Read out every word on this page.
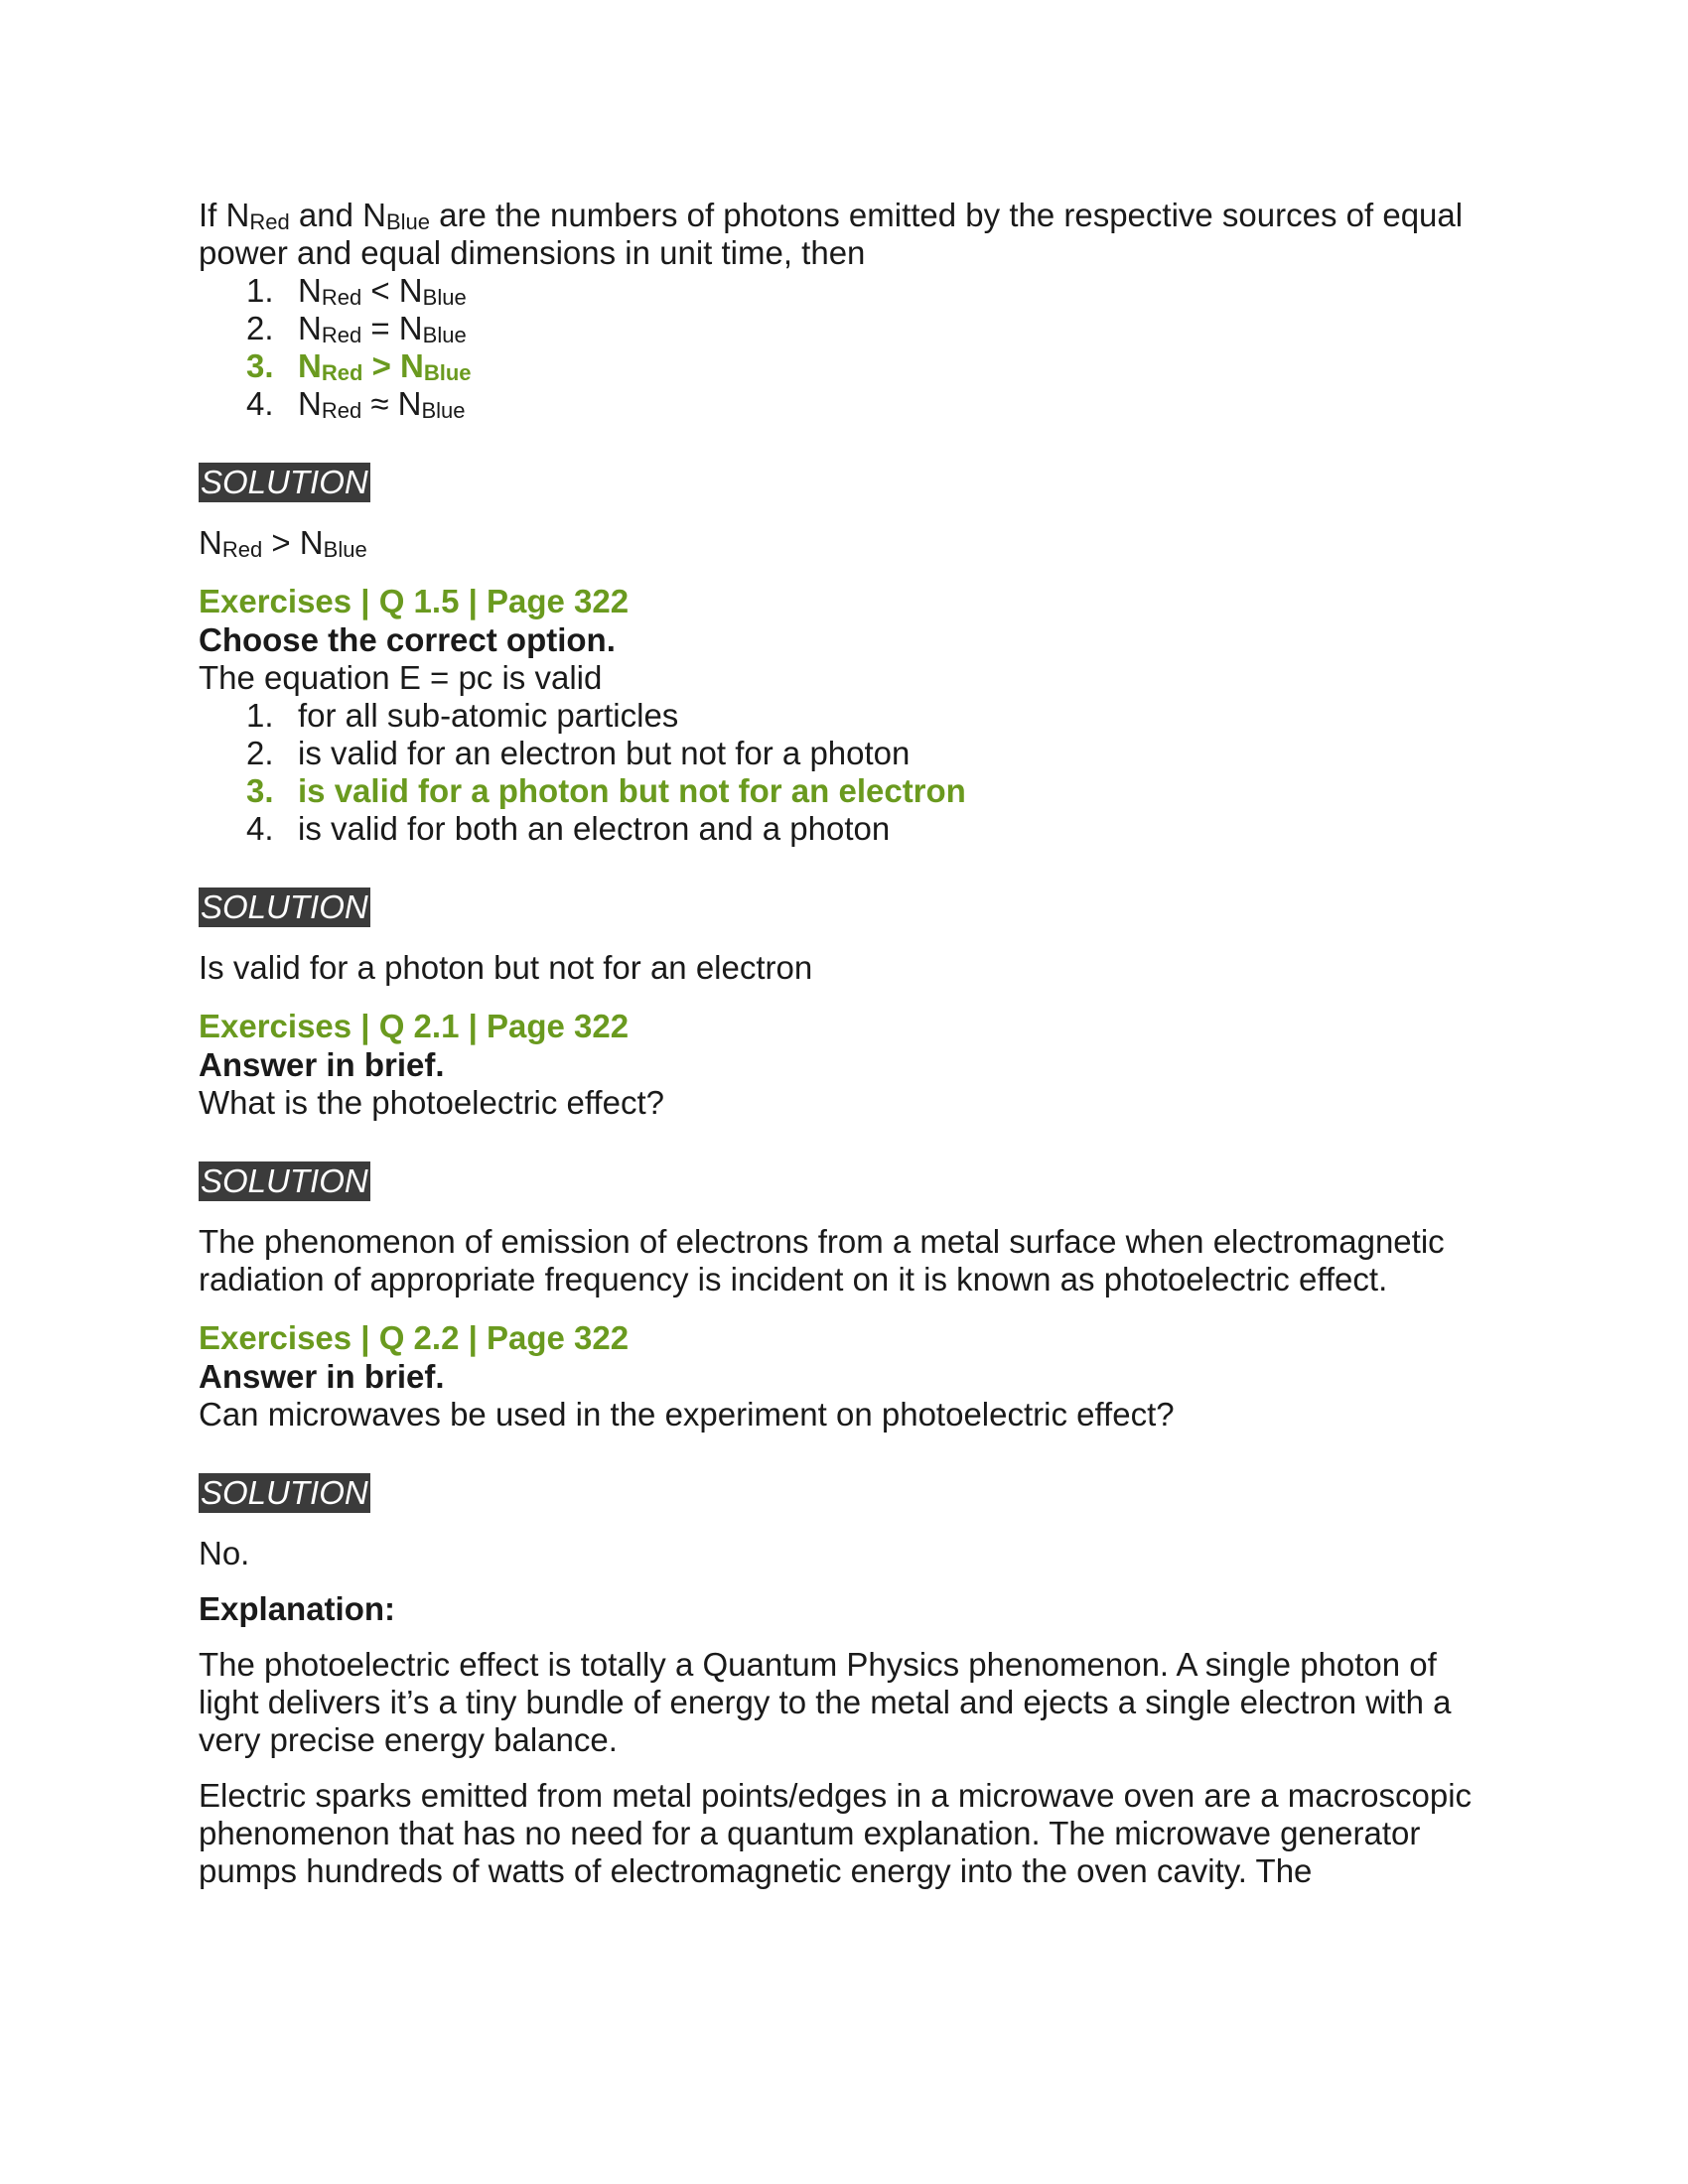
If $N_{Red}$ and $N_{Blue}$ are the numbers of photons emitted by the respective sources of equal

power and equal dimensions in unit time, then

1. $N_{Red} < N_{Blue}$
2. $N_{Red} = N_{Blue}$
3. $N_{Red} > N_{Blue}$
4. $N_{Red} \approx N_{Blue}$
SOLUTION

$N_{Red} > N_{Blue}$

Exercises | Q 1.5 | Page 322

Choose the correct option.

The equation E = pc is valid

1. for all sub-atomic particles
2. is valid for an electron but not for a photon
3. is valid for a photon but not for an electron
4. is valid for both an electron and a photon
SOLUTION

Is valid for a photon but not for an electron

Exercises | Q 2.1 | Page 322

Answer in brief.

What is the photoelectric effect?

SOLUTION

The phenomenon of emission of electrons from a metal surface when electromagnetic
radiation of appropriate frequency is incident on it is known as photoelectric effect.

Exercises | Q 2.2 | Page 322

Answer in brief.

Can microwaves be used in the experiment on photoelectric effect?

SOLUTION

No.

Explanation:

The photoelectric effect is totally a Quantum Physics phenomenon. A single photon of
light delivers it’s a tiny bundle of energy to the metal and ejects a single electron with a
very precise energy balance.

Electric sparks emitted from metal points/edges in a microwave oven are a macroscopic
phenomenon that has no need for a quantum explanation. The microwave generator
pumps hundreds of watts of electromagnetic energy into the oven cavity. The
